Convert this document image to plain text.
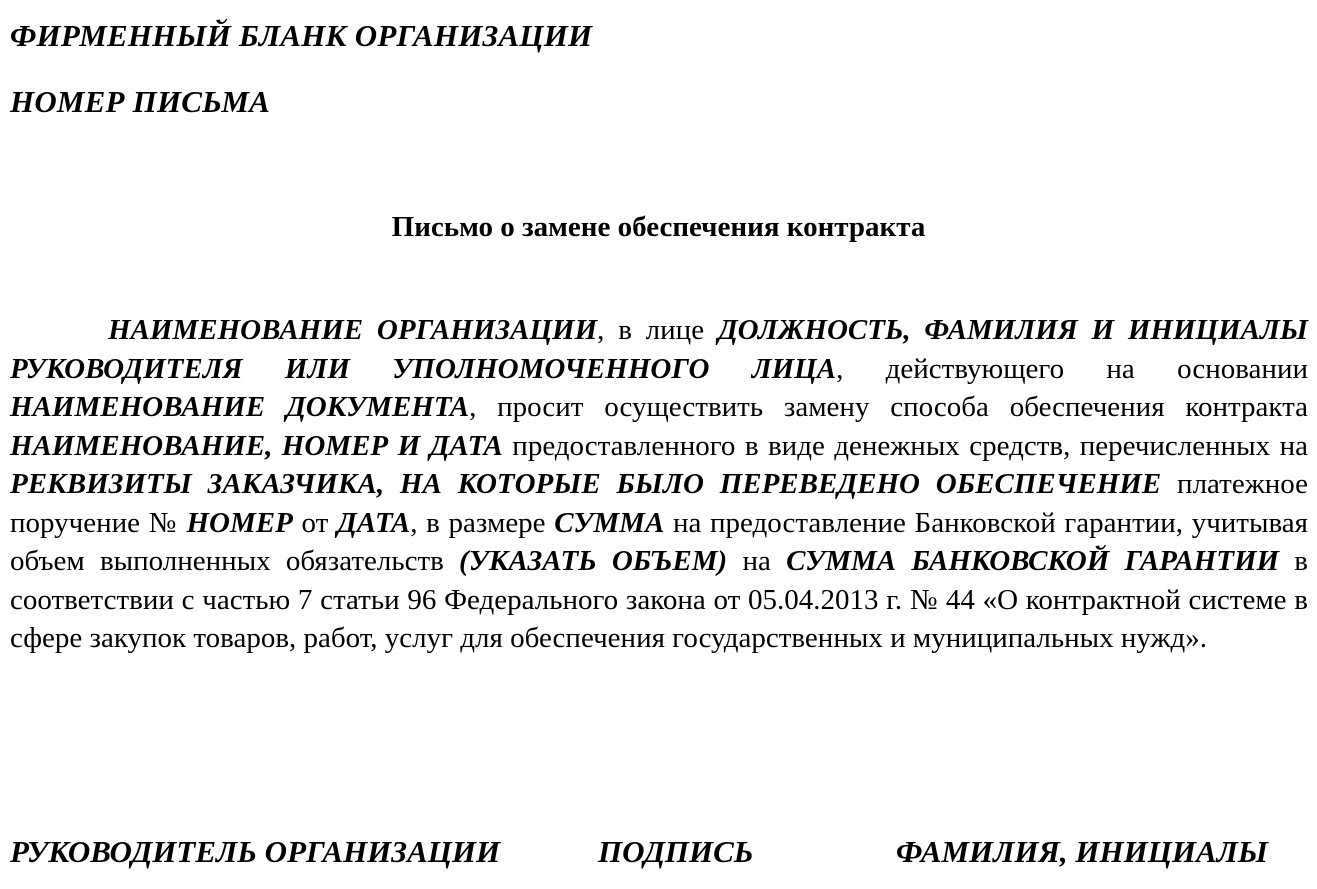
ФИРМЕННЫЙ БЛАНК ОРГАНИЗАЦИИ
НОМЕР ПИСЬМА
Письмо о замене обеспечения контракта

НАИМЕНОВАНИЕ ОРГАНИЗАЦИИ, в лице ДОЛЖНОСТЬ, ФАМИЛИЯ И ИНИЦИАЛЫ РУКОВОДИТЕЛЯ ИЛИ УПОЛНОМОЧЕННОГО ЛИЦА, действующего на основании НАИМЕНОВАНИЕ ДОКУМЕНТА, просит осуществить замену способа обеспечения контракта НАИМЕНОВАНИЕ, НОМЕР И ДАТА предоставленного в виде денежных средств, перечисленных на РЕКВИЗИТЫ ЗАКАЗЧИКА, НА КОТОРЫЕ БЫЛО ПЕРЕВЕДЕНО ОБЕСПЕЧЕНИЕ платежное поручение № НОМЕР от ДАТА, в размере СУММА на предоставление Банковской гарантии, учитывая объем выполненных обязательств (УКАЗАТЬ ОБЪЕМ) на СУММА БАНКОВСКОЙ ГАРАНТИИ в соответствии с частью 7 статьи 96 Федерального закона от 05.04.2013 г. № 44 «О контрактной системе в сфере закупок товаров, работ, услуг для обеспечения государственных и муниципальных нужд».

РУКОВОДИТЕЛЬ ОРГАНИЗАЦИИ	ПОДПИСЬ	ФАМИЛИЯ, ИНИЦИАЛЫ
